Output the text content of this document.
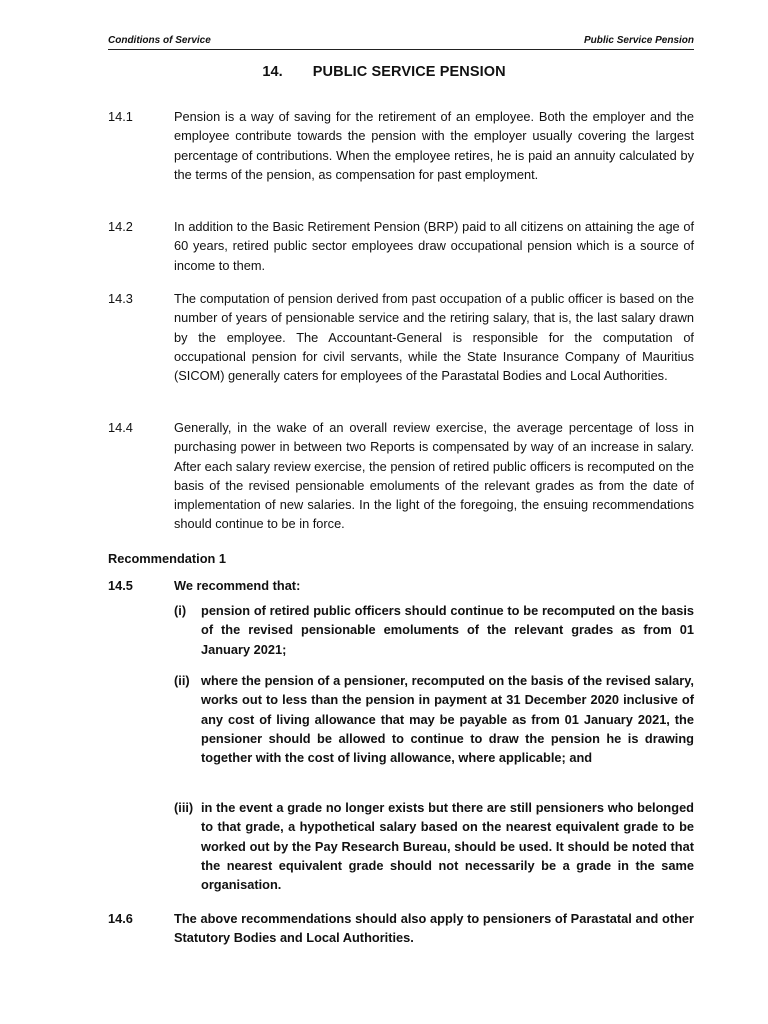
Conditions of Service	Public Service Pension
14. PUBLIC SERVICE PENSION
14.1	Pension is a way of saving for the retirement of an employee. Both the employer and the employee contribute towards the pension with the employer usually covering the largest percentage of contributions. When the employee retires, he is paid an annuity calculated by the terms of the pension, as compensation for past employment.
14.2	In addition to the Basic Retirement Pension (BRP) paid to all citizens on attaining the age of 60 years, retired public sector employees draw occupational pension which is a source of income to them.
14.3	The computation of pension derived from past occupation of a public officer is based on the number of years of pensionable service and the retiring salary, that is, the last salary drawn by the employee. The Accountant-General is responsible for the computation of occupational pension for civil servants, while the State Insurance Company of Mauritius (SICOM) generally caters for employees of the Parastatal Bodies and Local Authorities.
14.4	Generally, in the wake of an overall review exercise, the average percentage of loss in purchasing power in between two Reports is compensated by way of an increase in salary. After each salary review exercise, the pension of retired public officers is recomputed on the basis of the revised pensionable emoluments of the relevant grades as from the date of implementation of new salaries. In the light of the foregoing, the ensuing recommendations should continue to be in force.
Recommendation 1
14.5	We recommend that:
(i) pension of retired public officers should continue to be recomputed on the basis of the revised pensionable emoluments of the relevant grades as from 01 January 2021;
(ii) where the pension of a pensioner, recomputed on the basis of the revised salary, works out to less than the pension in payment at 31 December 2020 inclusive of any cost of living allowance that may be payable as from 01 January 2021, the pensioner should be allowed to continue to draw the pension he is drawing together with the cost of living allowance, where applicable; and
(iii) in the event a grade no longer exists but there are still pensioners who belonged to that grade, a hypothetical salary based on the nearest equivalent grade to be worked out by the Pay Research Bureau, should be used. It should be noted that the nearest equivalent grade should not necessarily be a grade in the same organisation.
14.6	The above recommendations should also apply to pensioners of Parastatal and other Statutory Bodies and Local Authorities.
